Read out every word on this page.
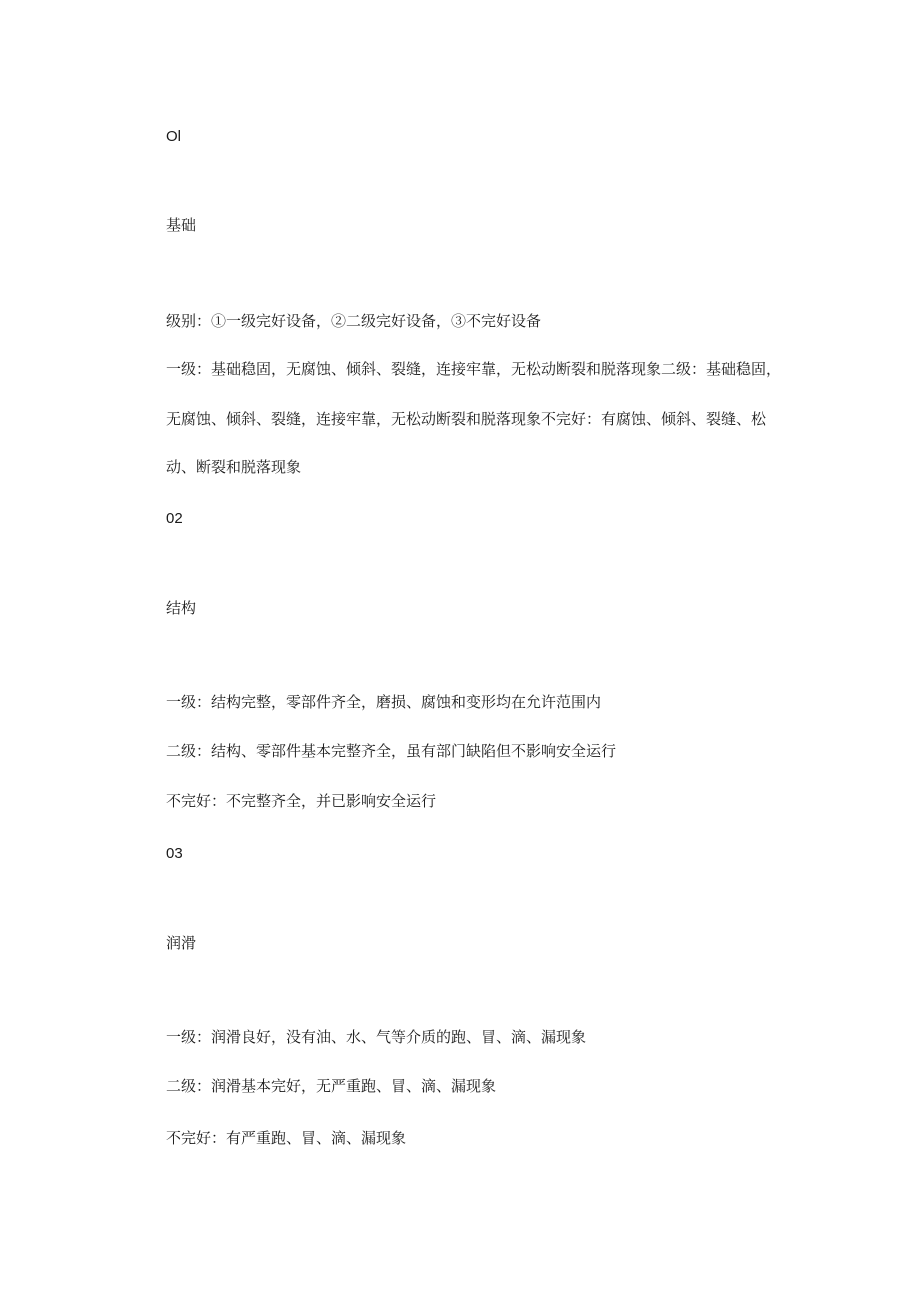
Ol

基础

级别：①一级完好设备，②二级完好设备，③不完好设备

一级：基础稳固，无腐蚀、倾斜、裂缝，连接牢靠，无松动断裂和脱落现象二级：基础稳固，

无腐蚀、倾斜、裂缝，连接牢靠，无松动断裂和脱落现象不完好：有腐蚀、倾斜、裂缝、松

动、断裂和脱落现象

02

结构

一级：结构完整，零部件齐全，磨损、腐蚀和变形均在允许范围内

二级：结构、零部件基本完整齐全，虽有部门缺陷但不影响安全运行

不完好：不完整齐全，并已影响安全运行

03

润滑

一级：润滑良好，没有油、水、气等介质的跑、冒、滴、漏现象

二级：润滑基本完好，无严重跑、冒、滴、漏现象

不完好：有严重跑、冒、滴、漏现象
